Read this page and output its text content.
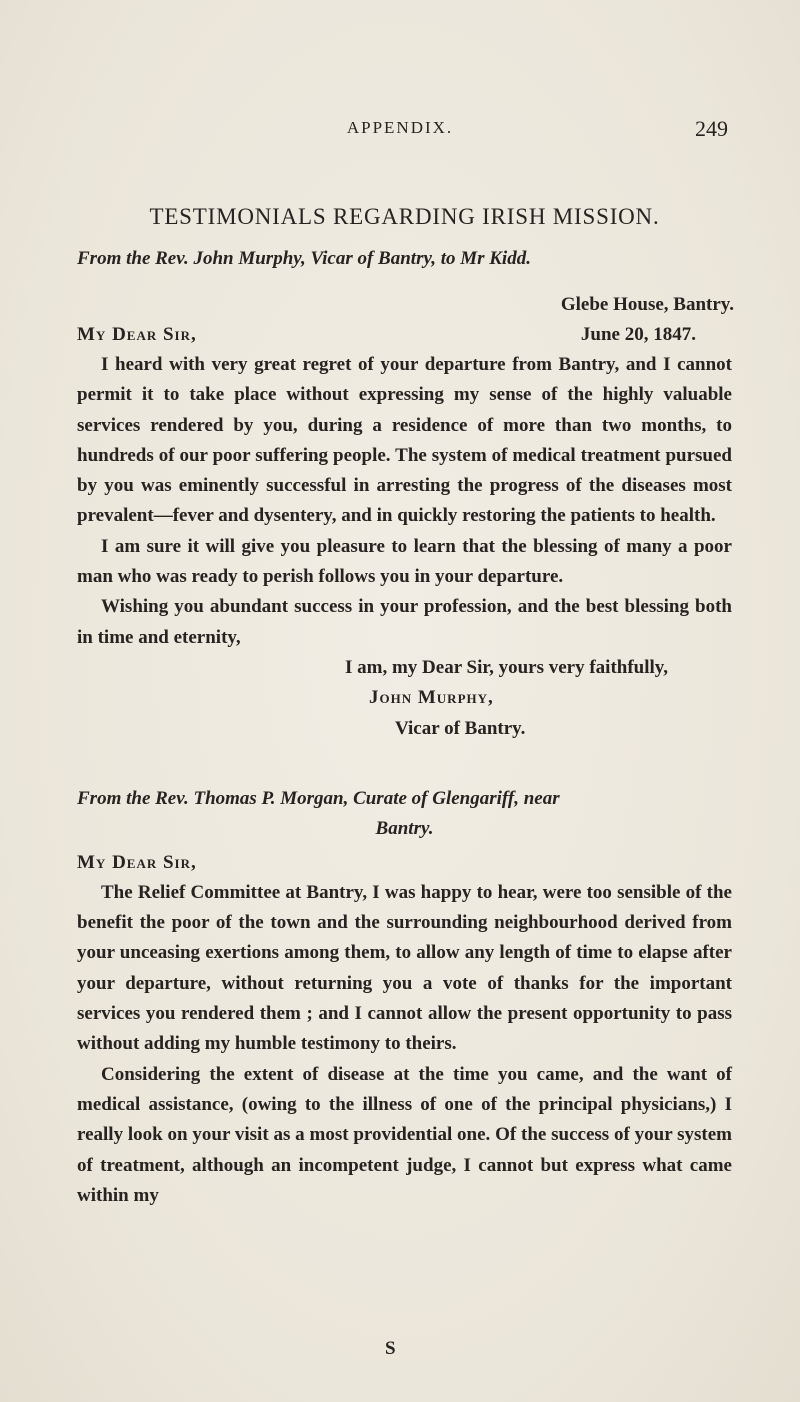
APPENDIX.	249
TESTIMONIALS REGARDING IRISH MISSION.
From the Rev. John Murphy, Vicar of Bantry, to Mr Kidd.
Glebe House, Bantry.
My Dear Sir,	June 20, 1847.

I heard with very great regret of your departure from Bantry, and I cannot permit it to take place without expressing my sense of the highly valuable services rendered by you, during a residence of more than two months, to hundreds of our poor suffering people. The system of medical treatment pursued by you was eminently successful in arresting the progress of the diseases most prevalent—fever and dysentery, and in quickly restoring the patients to health.

I am sure it will give you pleasure to learn that the blessing of many a poor man who was ready to perish follows you in your departure.

Wishing you abundant success in your profession, and the best blessing both in time and eternity,

I am, my Dear Sir, yours very faithfully,
John Murphy,
Vicar of Bantry.
From the Rev. Thomas P. Morgan, Curate of Glengariff, near
Bantry.
My Dear Sir,

The Relief Committee at Bantry, I was happy to hear, were too sensible of the benefit the poor of the town and the surrounding neighbourhood derived from your unceasing exertions among them, to allow any length of time to elapse after your departure, without returning you a vote of thanks for the important services you rendered them ; and I cannot allow the present opportunity to pass without adding my humble testimony to theirs.

Considering the extent of disease at the time you came, and the want of medical assistance, (owing to the illness of one of the principal physicians,) I really look on your visit as a most providential one. Of the success of your system of treatment, although an incompetent judge, I cannot but express what came within my

S
